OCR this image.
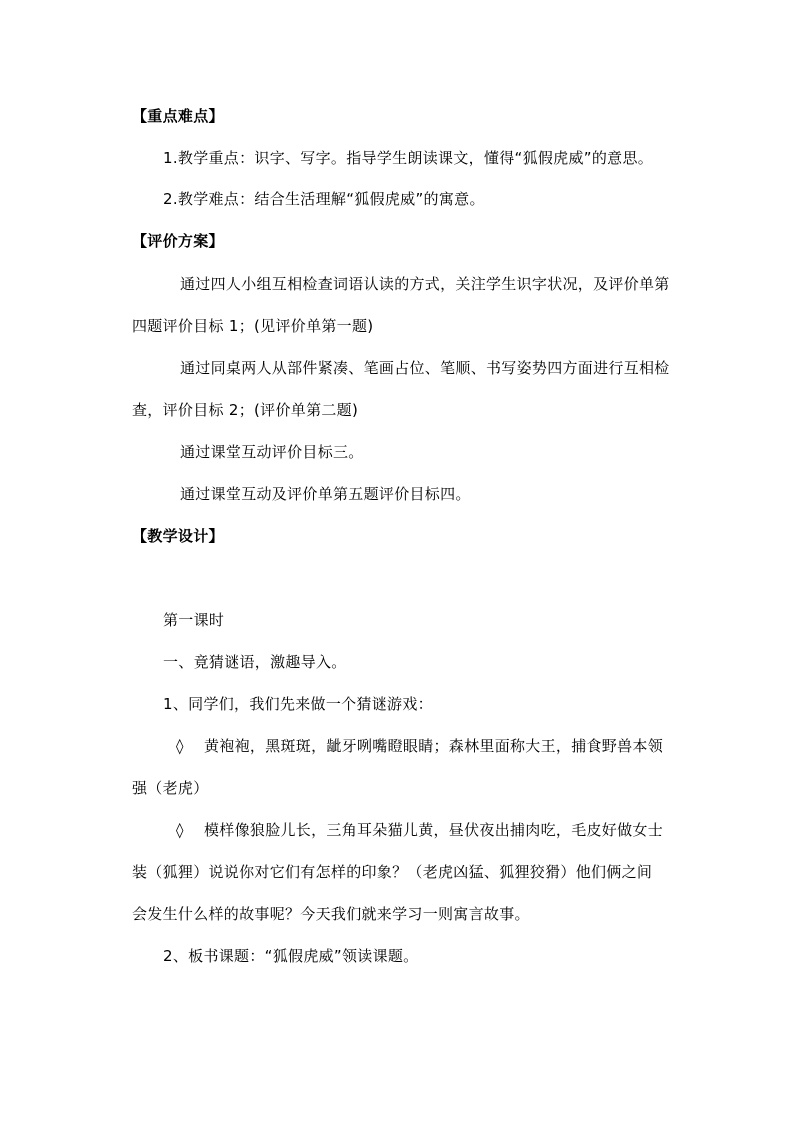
【重点难点】
1.教学重点：识字、写字。指导学生朗读课文，懂得“狐假虎威”的意思。
2.教学难点：结合生活理解“狐假虎威”的寓意。
【评价方案】
通过四人小组互相检查词语认读的方式，关注学生识字状况，及评价单第
四题评价目标 1；(见评价单第一题)
通过同桌两人从部件紧凑、笔画占位、笔顺、书写姿势四方面进行互相检
查，评价目标 2；(评价单第二题)
通过课堂互动评价目标三。
通过课堂互动及评价单第五题评价目标四。
【教学设计】
第一课时
一、竟猜谜语，激趣导入。
1、同学们，我们先来做一个猜谜游戏：
◊ 黄袍袍，黑斑斑，龇牙咧嘴瞪眼睛；森林里面称大王，捕食野兽本领
强（老虎）
◊ 模样像狼脸儿长，三角耳朵猫儿黄，昼伏夜出捕肉吃，毛皮好做女士
装（狐狸）说说你对它们有怎样的印象？（老虎凶猛、狐狸狡猾）他们俩之间
会发生什么样的故事呢？今天我们就来学习一则寓言故事。
2、板书课题：“狐假虎威”领读课题。
